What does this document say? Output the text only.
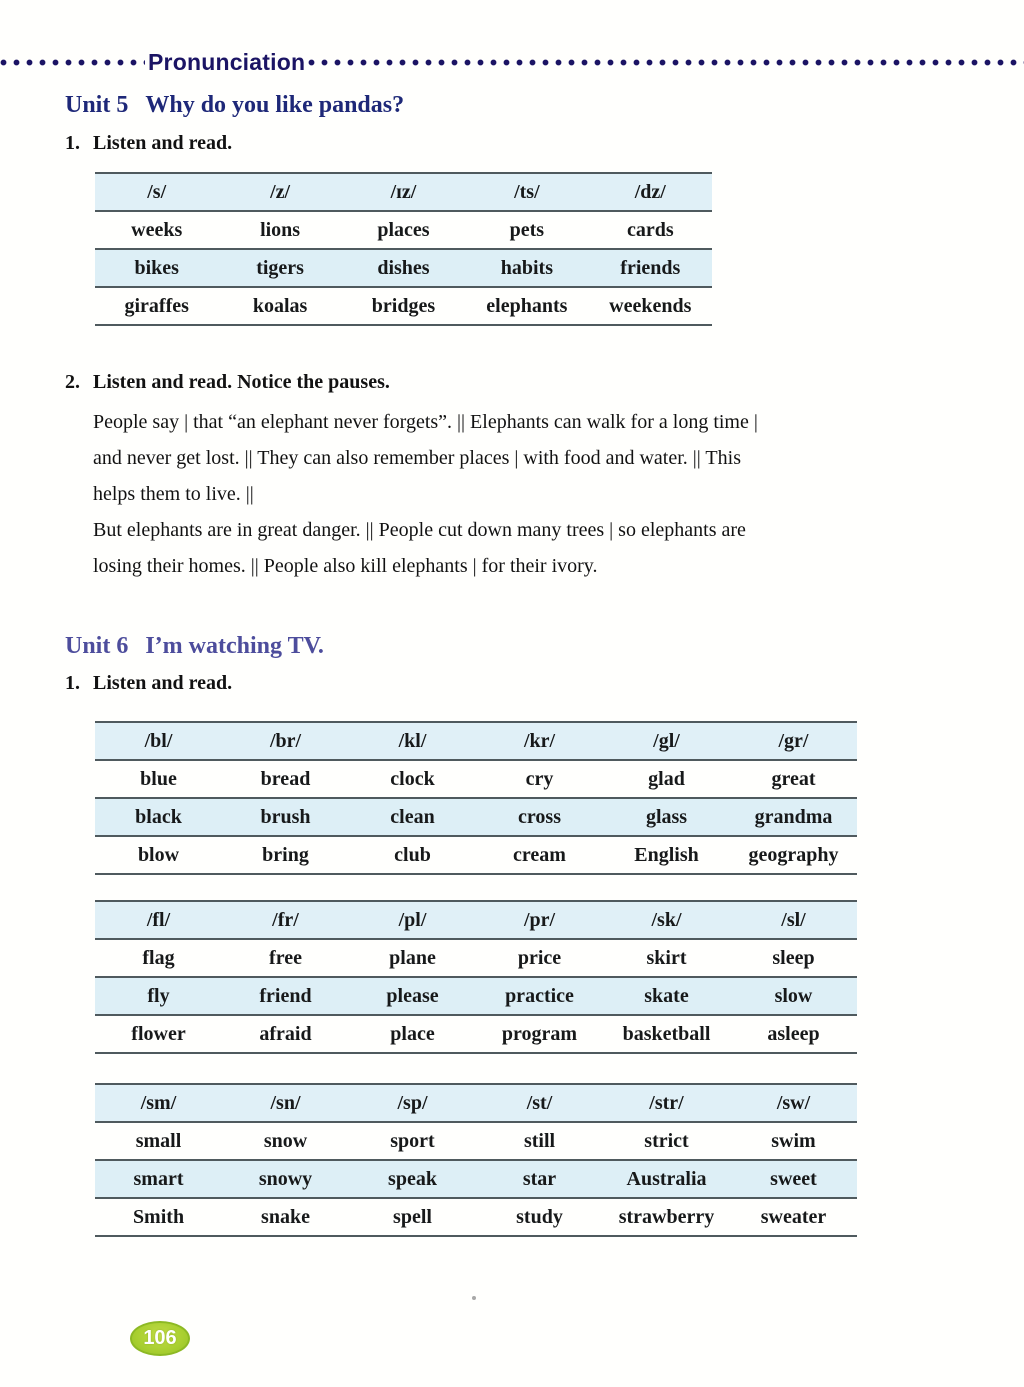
Pronunciation
Unit 5 Why do you like pandas?
1. Listen and read.
/s/	/z/	/ɪz/	/ts/	/dz/
weeks	lions	places	pets	cards
bikes	tigers	dishes	habits	friends
giraffes	koalas	bridges	elephants	weekends
2. Listen and read. Notice the pauses.
People say | that “an elephant never forgets”. || Elephants can walk for a long time |
and never get lost. || They can also remember places | with food and water. || This
helps them to live. ||
But elephants are in great danger. || People cut down many trees | so elephants are
losing their homes. || People also kill elephants | for their ivory.
Unit 6 I’m watching TV.
1. Listen and read.
/bl/	/br/	/kl/	/kr/	/gl/	/gr/
blue	bread	clock	cry	glad	great
black	brush	clean	cross	glass	grandma
blow	bring	club	cream	English	geography
/fl/	/fr/	/pl/	/pr/	/sk/	/sl/
flag	free	plane	price	skirt	sleep
fly	friend	please	practice	skate	slow
flower	afraid	place	program	basketball	asleep
/sm/	/sn/	/sp/	/st/	/str/	/sw/
small	snow	sport	still	strict	swim
smart	snowy	speak	star	Australia	sweet
Smith	snake	spell	study	strawberry	sweater
106
